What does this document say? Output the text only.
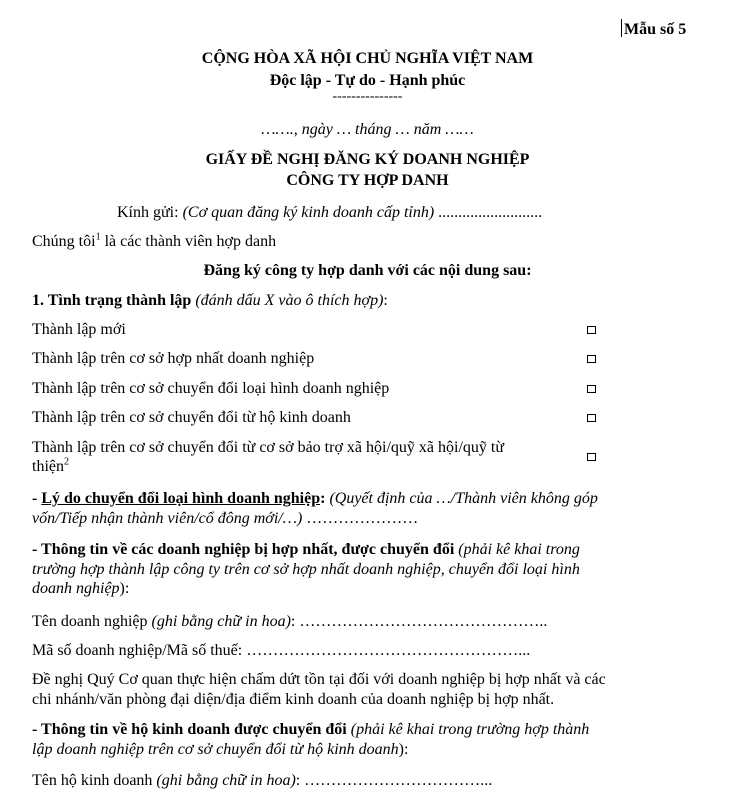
Mẫu số 5
CỘNG HÒA XÃ HỘI CHỦ NGHĨA VIỆT NAM
Độc lập - Tự do - Hạnh phúc
---------------
……., ngày … tháng … năm ……
GIẤY ĐỀ NGHỊ ĐĂNG KÝ DOANH NGHIỆP
CÔNG TY HỢP DANH
Kính gửi: (Cơ quan đăng ký kinh doanh cấp tỉnh) ..........................
Chúng tôi$^1$ là các thành viên hợp danh
Đăng ký công ty hợp danh với các nội dung sau:
1. Tình trạng thành lập (đánh dấu X vào ô thích hợp):
Thành lập mới
Thành lập trên cơ sở hợp nhất doanh nghiệp
Thành lập trên cơ sở chuyển đổi loại hình doanh nghiệp
Thành lập trên cơ sở chuyển đổi từ hộ kinh doanh
Thành lập trên cơ sở chuyển đổi từ cơ sở bảo trợ xã hội/quỹ xã hội/quỹ từ
thiện$^2$
- Lý do chuyển đổi loại hình doanh nghiệp: (Quyết định của …/Thành viên không góp
vốn/Tiếp nhận thành viên/cổ đông mới/…) …………………
- Thông tin về các doanh nghiệp bị hợp nhất, được chuyển đổi (phải kê khai trong
trường hợp thành lập công ty trên cơ sở hợp nhất doanh nghiệp, chuyển đổi loại hình
doanh nghiệp):
Tên doanh nghiệp (ghi bằng chữ in hoa): ………………………………………..
Mã số doanh nghiệp/Mã số thuế: ……………………………………………...
Đề nghị Quý Cơ quan thực hiện chấm dứt tồn tại đối với doanh nghiệp bị hợp nhất và các
chi nhánh/văn phòng đại diện/địa điểm kinh doanh của doanh nghiệp bị hợp nhất.
- Thông tin về hộ kinh doanh được chuyển đổi (phải kê khai trong trường hợp thành
lập doanh nghiệp trên cơ sở chuyển đổi từ hộ kinh doanh):
Tên hộ kinh doanh (ghi bằng chữ in hoa): ……………………………...
